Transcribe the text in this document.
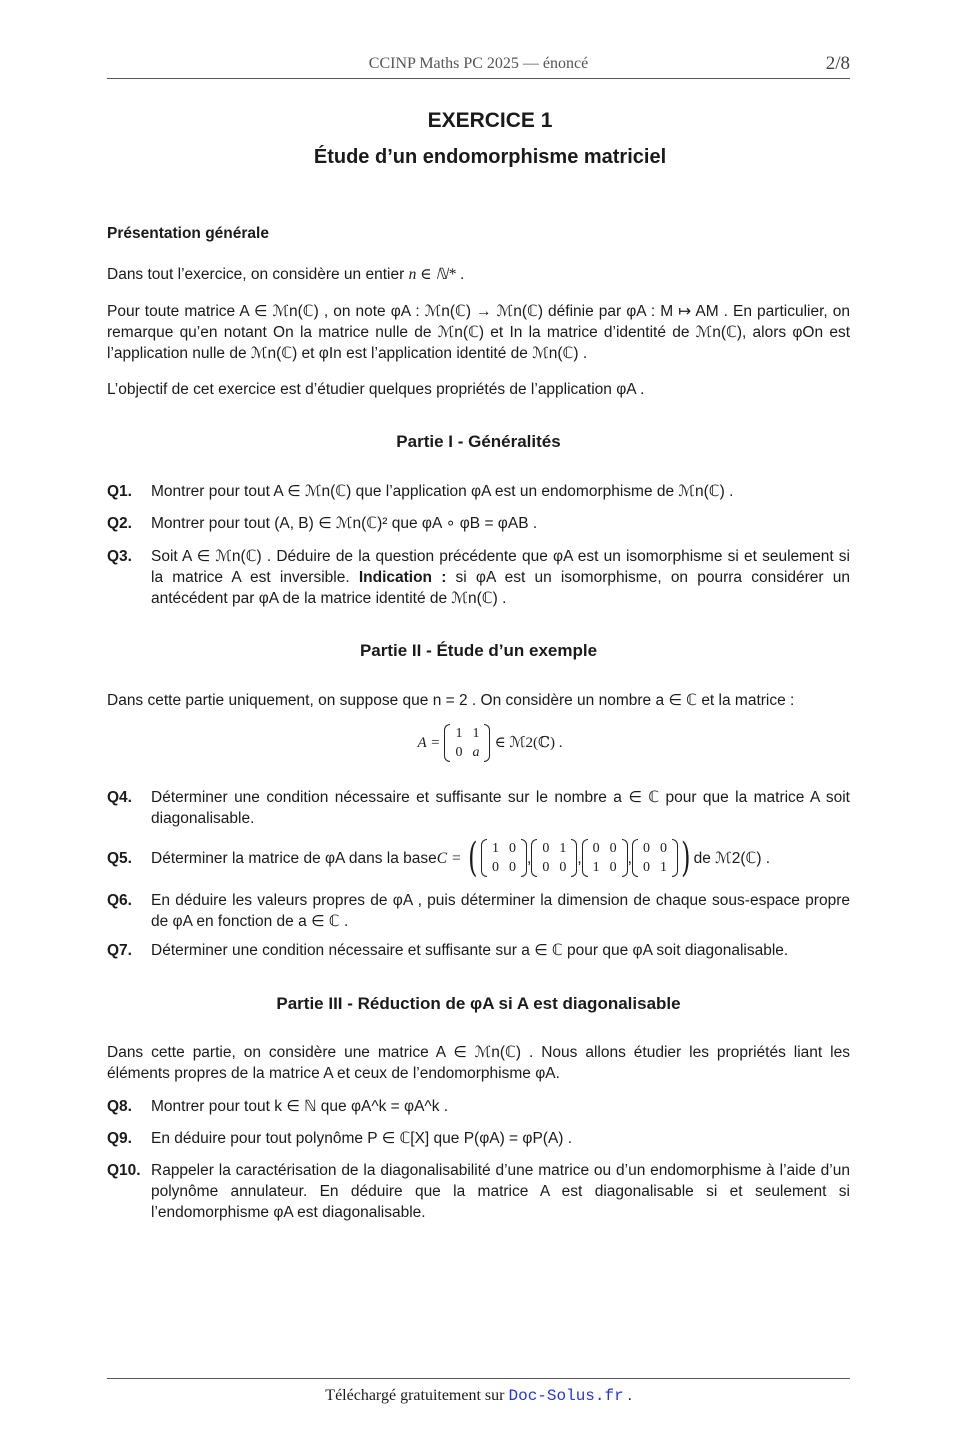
CCINP Maths PC 2025 — énoncé	2/8
EXERCICE 1
Étude d’un endomorphisme matriciel
Présentation générale
Dans tout l’exercice, on considère un entier n ∈ ℕ* .
Pour toute matrice A ∈ ℳn(ℂ) , on note φA : ℳn(ℂ) → ℳn(ℂ) définie par φA : M ↦ AM . En particulier, on remarque qu’en notant On la matrice nulle de ℳn(ℂ) et In la matrice d’identité de ℳn(ℂ), alors φOn est l’application nulle de ℳn(ℂ) et φIn est l’application identité de ℳn(ℂ) .
L’objectif de cet exercice est d’étudier quelques propriétés de l’application φA .
Partie I - Généralités
Q1. Montrer pour tout A ∈ ℳn(ℂ) que l’application φA est un endomorphisme de ℳn(ℂ) .
Q2. Montrer pour tout (A, B) ∈ ℳn(ℂ)² que φA ∘ φB = φAB .
Q3. Soit A ∈ ℳn(ℂ) . Déduire de la question précédente que φA est un isomorphisme si et seulement si la matrice A est inversible. Indication : si φA est un isomorphisme, on pourra considérer un antécédent par φA de la matrice identité de ℳn(ℂ) .
Partie II - Étude d’un exemple
Dans cette partie uniquement, on suppose que n = 2 . On considère un nombre a ∈ ℂ et la matrice :
A =
1	1
0	a
∈ ℳ2(ℂ) .
Q4. Déterminer une condition nécessaire et suffisante sur le nombre a ∈ ℂ pour que la matrice A soit diagonalisable.
Q5. Déterminer la matrice de φA dans la base C = ( 1	0
0	0
,
0	1
0	0
,
0	0
1	0
,
0	0
0	1 ) de ℳ2(ℂ) .
Q6. En déduire les valeurs propres de φA , puis déterminer la dimension de chaque sous-espace propre de φA en fonction de a ∈ ℂ .
Q7. Déterminer une condition nécessaire et suffisante sur a ∈ ℂ pour que φA soit diagonalisable.
Partie III - Réduction de φA si A est diagonalisable
Dans cette partie, on considère une matrice A ∈ ℳn(ℂ) . Nous allons étudier les propriétés liant les éléments propres de la matrice A et ceux de l’endomorphisme φA.
Q8. Montrer pour tout k ∈ ℕ que φA^k = φA^k .
Q9. En déduire pour tout polynôme P ∈ ℂ[X] que P(φA) = φP(A) .
Q10. Rappeler la caractérisation de la diagonalisabilité d’une matrice ou d’un endomorphisme à l’aide d’un polynôme annulateur. En déduire que la matrice A est diagonalisable si et seulement si l’endomorphisme φA est diagonalisable.
Téléchargé gratuitement sur Doc-Solus.fr .
